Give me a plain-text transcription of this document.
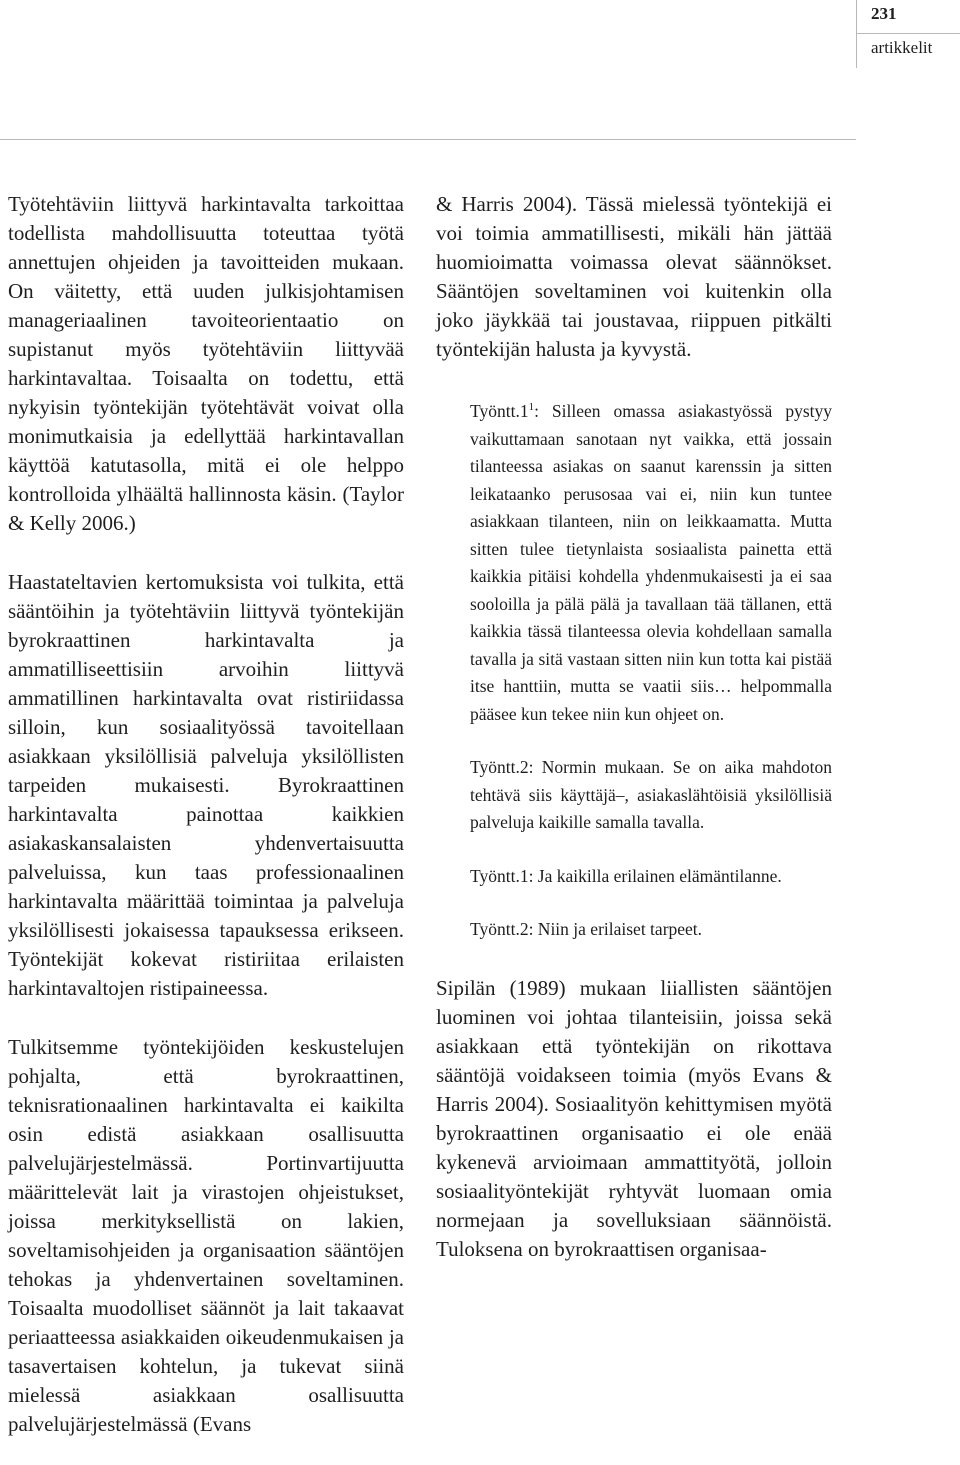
231
artikkelit

Työtehtäviin liittyvä harkintavalta tarkoittaa todellista mahdollisuutta toteuttaa työtä annettujen ohjeiden ja tavoitteiden mukaan. On väitetty, että uuden julkisjohtamisen manageriaalinen tavoiteorientaatio on supistanut myös työtehtäviin liittyvää harkintavaltaa. Toisaalta on todettu, että nykyisin työntekijän työtehtävät voivat olla monimutkaisia ja edellyttää harkintavallan käyttöä katutasolla, mitä ei ole helppo kontrolloida ylhäältä hallinnosta käsin. (Taylor & Kelly 2006.)

Haastateltavien kertomuksista voi tulkita, että sääntöihin ja työtehtäviin liittyvä työntekijän byrokraattinen harkintavalta ja ammatilliseettisiin arvoihin liittyvä ammatillinen harkintavalta ovat ristiriidassa silloin, kun sosiaalityössä tavoitellaan asiakkaan yksilöllisiä palveluja yksilöllisten tarpeiden mukaisesti. Byrokraattinen harkintavalta painottaa kaikkien asiakaskansalaisten yhdenvertaisuutta palveluissa, kun taas professionaalinen harkintavalta määrittää toimintaa ja palveluja yksilöllisesti jokaisessa tapauksessa erikseen. Työntekijät kokevat ristiriitaa erilaisten harkintavaltojen ristipaineessa.

Tulkitsemme työntekijöiden keskustelujen pohjalta, että byrokraattinen, teknisrationaalinen harkintavalta ei kaikilta osin edistä asiakkaan osallisuutta palvelujärjestelmässä. Portinvartijuutta määrittelevät lait ja virastojen ohjeistukset, joissa merkityksellistä on lakien, soveltamisohjeiden ja organisaation sääntöjen tehokas ja yhdenvertainen soveltaminen. Toisaalta muodolliset säännöt ja lait takaavat periaatteessa asiakkaiden oikeudenmukaisen ja tasavertaisen kohtelun, ja tukevat siinä mielessä asiakkaan osallisuutta palvelujärjestelmässä (Evans

& Harris 2004). Tässä mielessä työntekijä ei voi toimia ammatillisesti, mikäli hän jättää huomioimatta voimassa olevat säännökset. Sääntöjen soveltaminen voi kuitenkin olla joko jäykkää tai joustavaa, riippuen pitkälti työntekijän halusta ja kyvystä.

$Työntt.1^1$: Silleen omassa asiakastyössä pystyy vaikuttamaan sanotaan nyt vaikka, että jossain tilanteessa asiakas on saanut karenssin ja sitten leikataanko perusosaa vai ei, niin kun tuntee asiakkaan tilanteen, niin on leikkaamatta. Mutta sitten tulee tietynlaista sosiaalista painetta että kaikkia pitäisi kohdella yhdenmukaisesti ja ei saa sooloilla ja pälä pälä ja tavallaan tää tällanen, että kaikkia tässä tilanteessa olevia kohdellaan samalla tavalla ja sitä vastaan sitten niin kun totta kai pistää itse hanttiin, mutta se vaatii siis… helpommalla pääsee kun tekee niin kun ohjeet on.

Työntt.2: Normin mukaan. Se on aika mahdoton tehtävä siis käyttäjä–, asiakaslähtöisiä yksilöllisiä palveluja kaikille samalla tavalla.

Työntt.1: Ja kaikilla erilainen elämäntilanne.

Työntt.2: Niin ja erilaiset tarpeet.

Sipilän (1989) mukaan liiallisten sääntöjen luominen voi johtaa tilanteisiin, joissa sekä asiakkaan että työntekijän on rikottava sääntöjä voidakseen toimia (myös Evans & Harris 2004). Sosiaalityön kehittymisen myötä byrokraattinen organisaatio ei ole enää kykenevä arvioimaan ammattityötä, jolloin sosiaalityöntekijät ryhtyvät luomaan omia normejaan ja sovelluksiaan säännöistä. Tuloksena on byrokraattisen organisaa-
